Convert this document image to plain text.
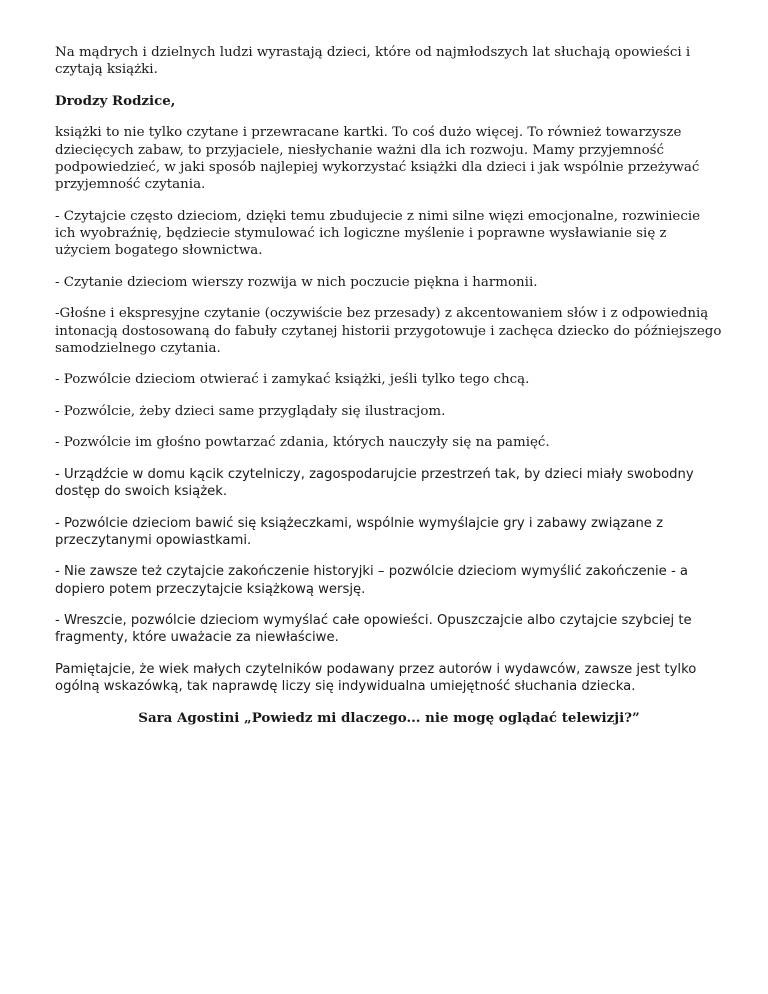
Na mądrych i dzielnych ludzi wyrastają dzieci, które od najmłodszych lat słuchają opowieści i czytają książki.

Drodzy Rodzice,

książki to nie tylko czytane i przewracane kartki. To coś dużo więcej. To również towarzysze dziecięcych zabaw, to przyjaciele, niesłychanie ważni dla ich rozwoju. Mamy przyjemność podpowiedzieć, w jaki sposób najlepiej wykorzystać książki dla dzieci i jak wspólnie przeżywać przyjemność czytania.

- Czytajcie często dzieciom, dzięki temu zbudujecie z nimi silne więzi emocjonalne, rozwiniecie ich wyobraźnię, będziecie stymulować ich logiczne myślenie i poprawne wysławianie się z użyciem bogatego słownictwa.

- Czytanie dzieciom wierszy rozwija w nich poczucie piękna i harmonii.

-Głośne i ekspresyjne czytanie (oczywiście bez przesady) z akcentowaniem słów i z odpowiednią intonacją dostosowaną do fabuły czytanej historii przygotowuje i zachęca dziecko do późniejszego samodzielnego czytania.

- Pozwólcie dzieciom otwierać i zamykać książki, jeśli tylko tego chcą.

- Pozwólcie, żeby dzieci same przyglądały się ilustracjom.

- Pozwólcie im głośno powtarzać zdania, których nauczyły się na pamięć.

- Urządźcie w domu kącik czytelniczy, zagospodarujcie przestrzeń tak, by dzieci miały swobodny dostęp do swoich książek.

- Pozwólcie dzieciom bawić się książeczkami, wspólnie wymyślajcie gry i zabawy związane z przeczytanymi opowiastkami.

- Nie zawsze też czytajcie zakończenie historyjki – pozwólcie dzieciom wymyślić zakończenie - a dopiero potem przeczytajcie książkową wersję.

- Wreszcie, pozwólcie dzieciom wymyślać całe opowieści. Opuszczajcie albo czytajcie szybciej te fragmenty, które uważacie za niewłaściwe.

Pamiętajcie, że wiek małych czytelników podawany przez autorów i wydawców, zawsze jest tylko ogólną wskazówką, tak naprawdę liczy się indywidualna umiejętność słuchania dziecka.

Sara Agostini „Powiedz mi dlaczego... nie mogę oglądać telewizji?”
